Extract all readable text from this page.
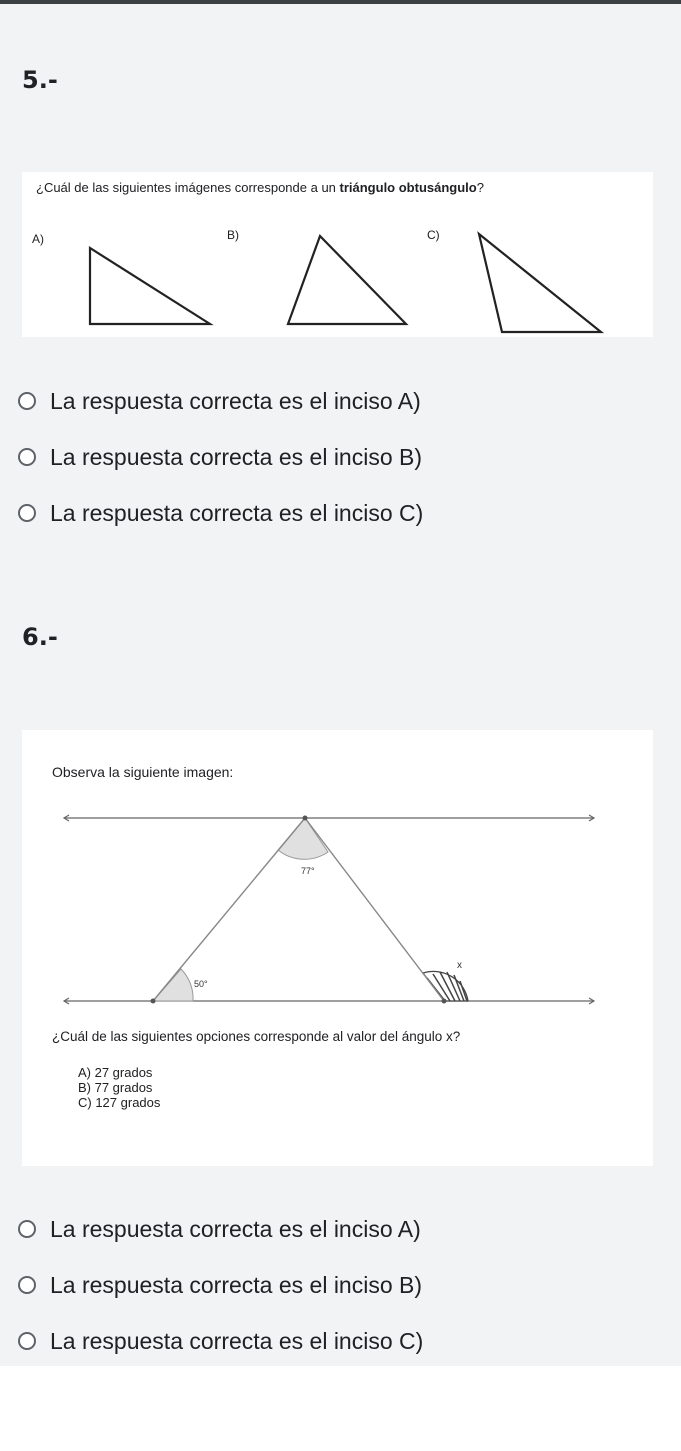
5.-
¿Cuál de las siguientes imágenes corresponde a un triángulo obtusángulo?
A)	B)	C)
La respuesta correcta es el inciso A)
La respuesta correcta es el inciso B)
La respuesta correcta es el inciso C)
6.-
Observa la siguiente imagen:
77°
50°
x
¿Cuál de las siguientes opciones corresponde al valor del ángulo x?
A) 27 grados
B) 77 grados
C) 127 grados
La respuesta correcta es el inciso A)
La respuesta correcta es el inciso B)
La respuesta correcta es el inciso C)
